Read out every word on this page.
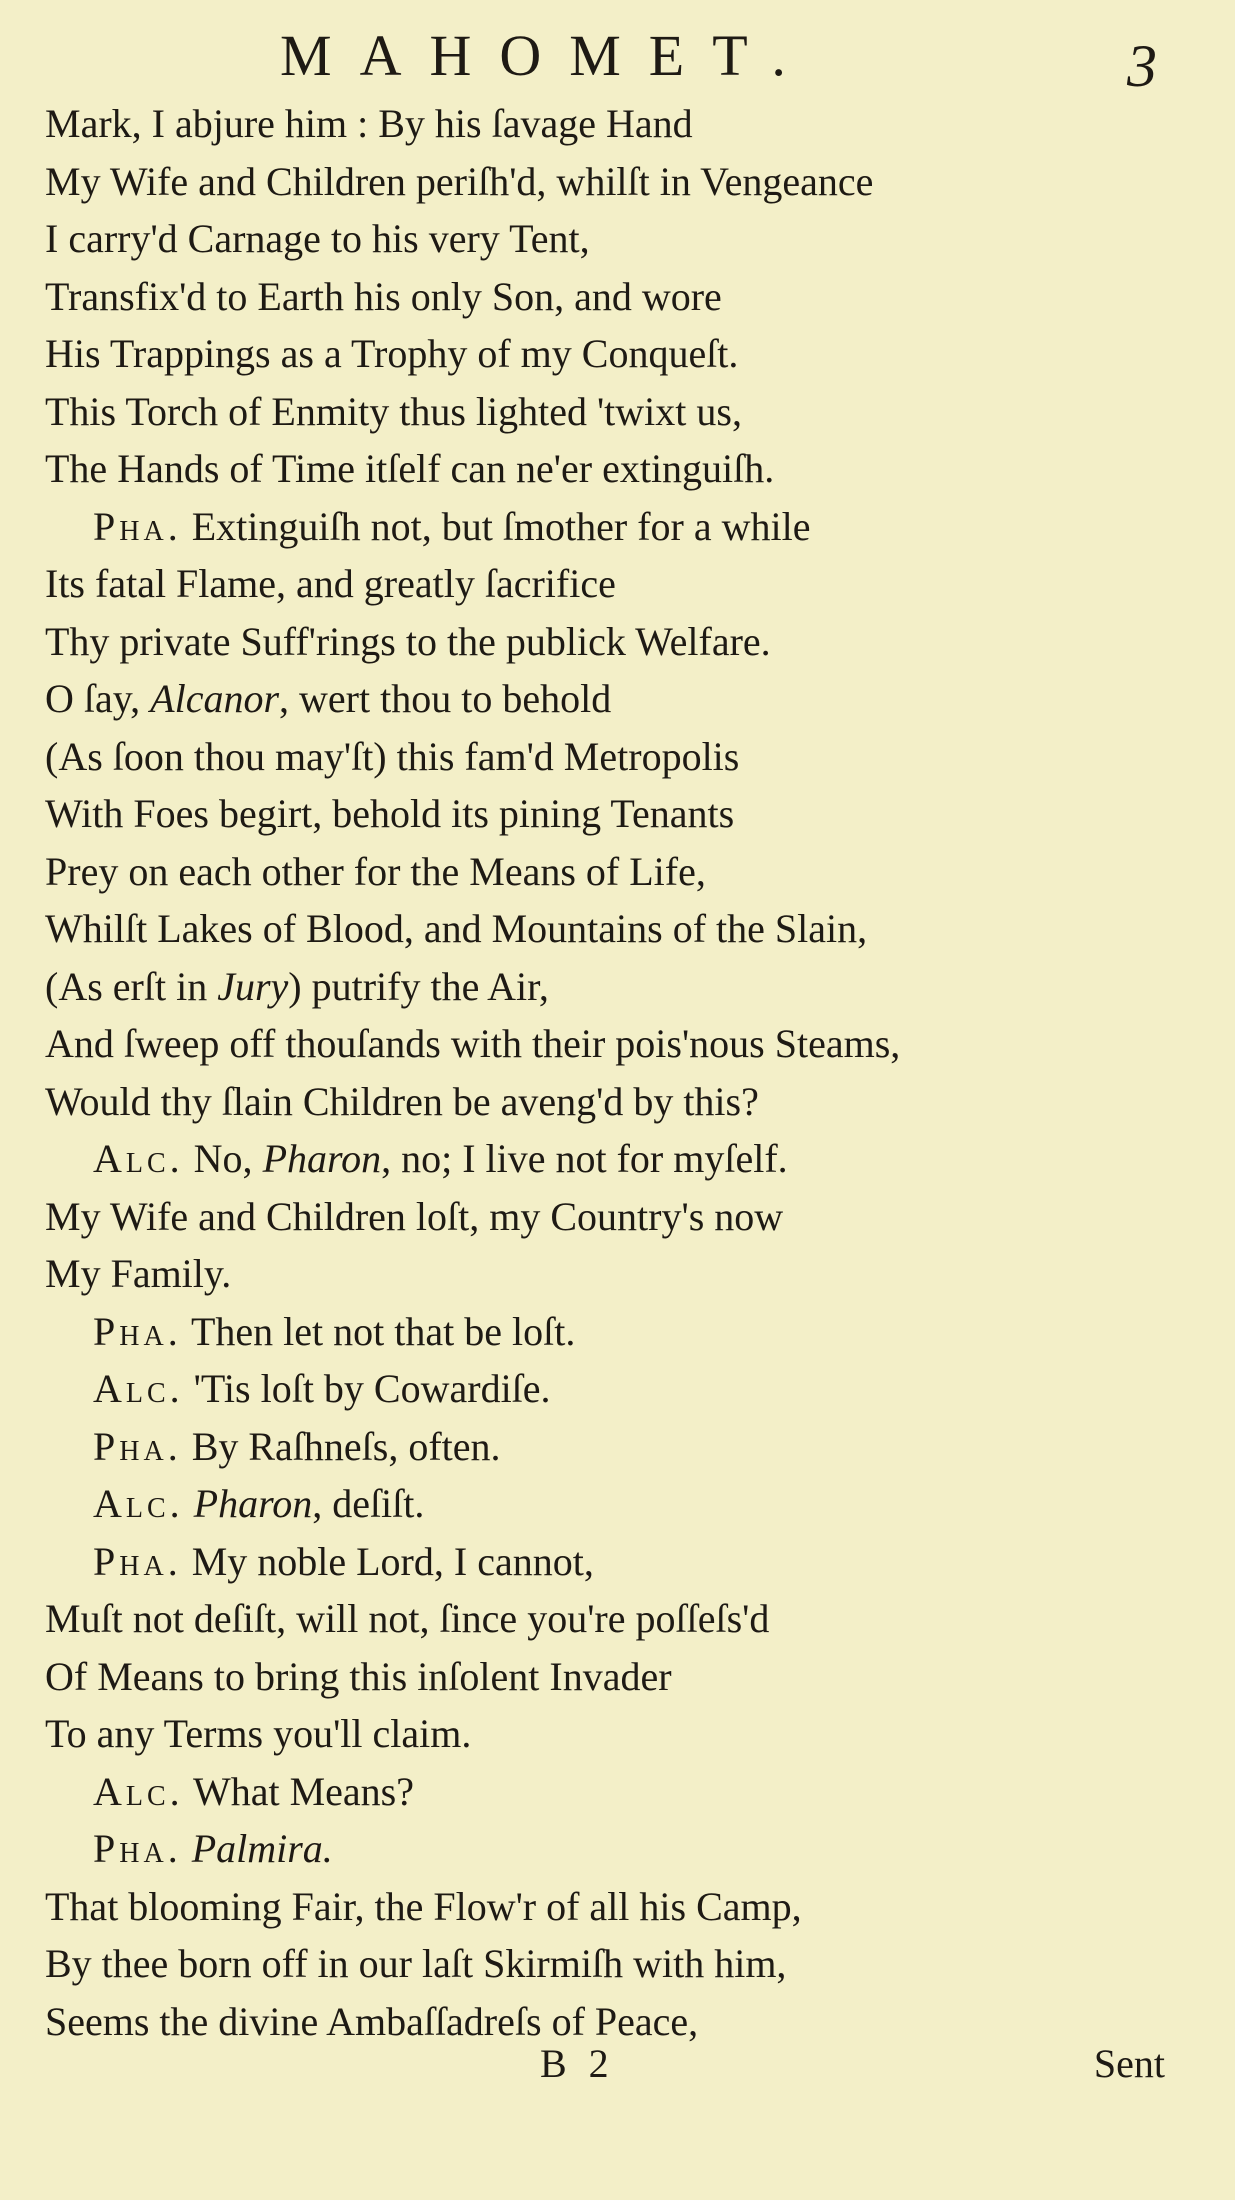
MAHOMET.	3
Mark, I abjure him : By his ſavage Hand
My Wife and Children periſh'd, whilſt in Vengeance
I carry'd Carnage to his very Tent,
Transfix'd to Earth his only Son, and wore
His Trappings as a Trophy of my Conqueſt.
This Torch of Enmity thus lighted 'twixt us,
The Hands of Time itſelf can ne'er extinguiſh.
Pha. Extinguiſh not, but ſmother for a while
Its fatal Flame, and greatly ſacrifice
Thy private Suff'rings to the publick Welfare.
O ſay, Alcanor, wert thou to behold
(As ſoon thou may'ſt) this fam'd Metropolis
With Foes begirt, behold its pining Tenants
Prey on each other for the Means of Life,
Whilſt Lakes of Blood, and Mountains of the Slain,
(As erſt in Jury) putrify the Air,
And ſweep off thouſands with their pois'nous Steams,
Would thy ſlain Children be aveng'd by this?
Alc. No, Pharon, no; I live not for myſelf.
My Wife and Children loſt, my Country's now
My Family.
Pha. Then let not that be loſt.
Alc. 'Tis loſt by Cowardiſe.
Pha. By Raſhneſs, often.
Alc. Pharon, deſiſt.
Pha. My noble Lord, I cannot,
Muſt not deſiſt, will not, ſince you're poſſeſs'd
Of Means to bring this inſolent Invader
To any Terms you'll claim.
Alc. What Means?
Pha. Palmira.
That blooming Fair, the Flow'r of all his Camp,
By thee born off in our laſt Skirmiſh with him,
Seems the divine Ambaſſadreſs of Peace,
B 2	Sent
